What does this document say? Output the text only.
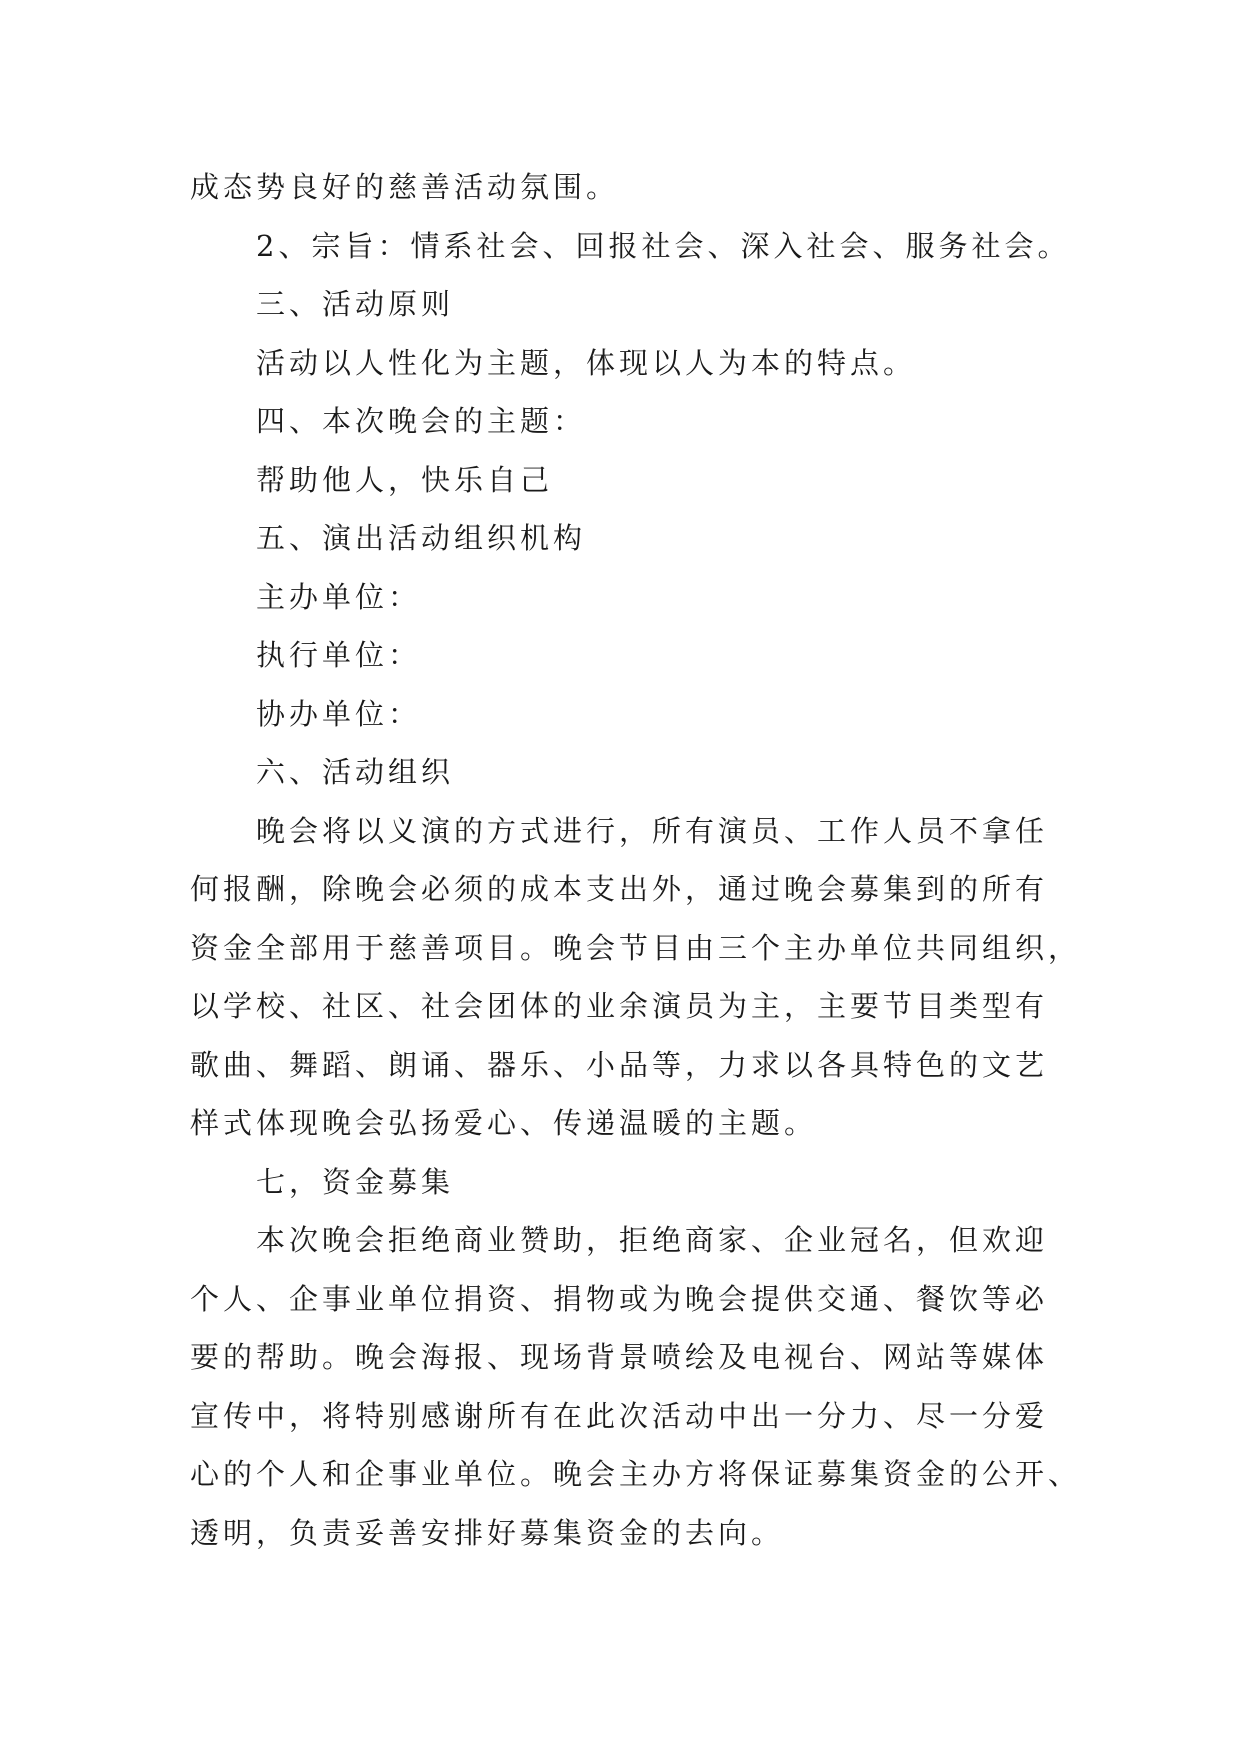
成态势良好的慈善活动氛围。
2、宗旨：情系社会、回报社会、深入社会、服务社会。
三、活动原则
活动以人性化为主题，体现以人为本的特点。
四、本次晚会的主题：
帮助他人，快乐自己
五、演出活动组织机构
主办单位：
执行单位：
协办单位：
六、活动组织
晚会将以义演的方式进行，所有演员、工作人员不拿任
何报酬，除晚会必须的成本支出外，通过晚会募集到的所有
资金全部用于慈善项目。晚会节目由三个主办单位共同组织，
以学校、社区、社会团体的业余演员为主，主要节目类型有
歌曲、舞蹈、朗诵、器乐、小品等，力求以各具特色的文艺
样式体现晚会弘扬爱心、传递温暖的主题。
七，资金募集
本次晚会拒绝商业赞助，拒绝商家、企业冠名，但欢迎
个人、企事业单位捐资、捐物或为晚会提供交通、餐饮等必
要的帮助。晚会海报、现场背景喷绘及电视台、网站等媒体
宣传中，将特别感谢所有在此次活动中出一分力、尽一分爱
心的个人和企事业单位。晚会主办方将保证募集资金的公开、
透明，负责妥善安排好募集资金的去向。
